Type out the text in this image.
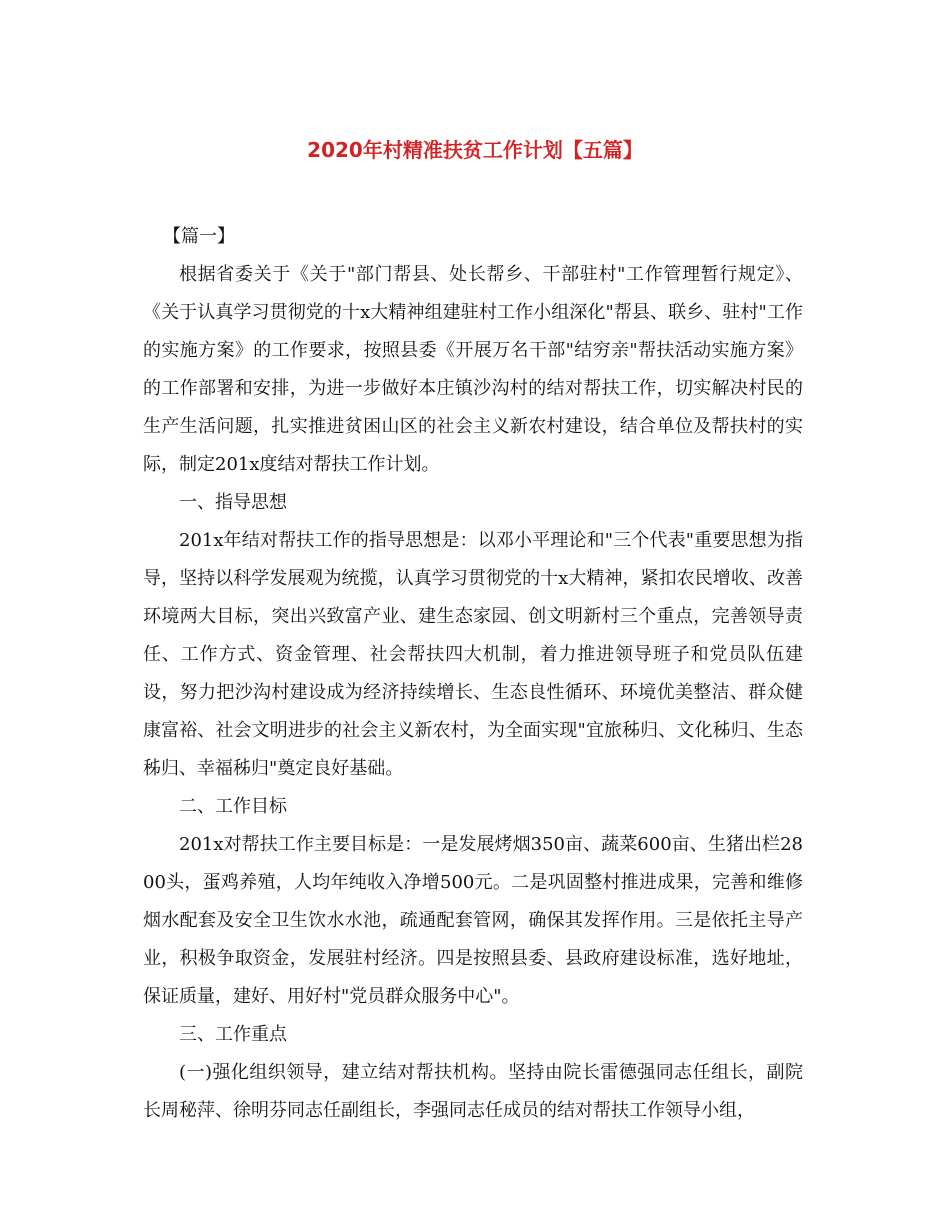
2020年村精准扶贫工作计划【五篇】

【篇一】

根据省委关于《关于"部门帮县、处长帮乡、干部驻村"工作管理暂行规定》、《关于认真学习贯彻党的十x大精神组建驻村工作小组深化"帮县、联乡、驻村"工作的实施方案》的工作要求，按照县委《开展万名干部"结穷亲"帮扶活动实施方案》的工作部署和安排，为进一步做好本庄镇沙沟村的结对帮扶工作，切实解决村民的生产生活问题，扎实推进贫困山区的社会主义新农村建设，结合单位及帮扶村的实际，制定201x度结对帮扶工作计划。

一、指导思想

201x年结对帮扶工作的指导思想是：以邓小平理论和"三个代表"重要思想为指导，坚持以科学发展观为统揽，认真学习贯彻党的十x大精神，紧扣农民增收、改善环境两大目标，突出兴致富产业、建生态家园、创文明新村三个重点，完善领导责任、工作方式、资金管理、社会帮扶四大机制，着力推进领导班子和党员队伍建设，努力把沙沟村建设成为经济持续增长、生态良性循环、环境优美整洁、群众健康富裕、社会文明进步的社会主义新农村，为全面实现"宜旅秭归、文化秭归、生态秭归、幸福秭归"奠定良好基础。

二、工作目标

201x对帮扶工作主要目标是：一是发展烤烟350亩、蔬菜600亩、生猪出栏2800头，蛋鸡养殖，人均年纯收入净增500元。二是巩固整村推进成果，完善和维修烟水配套及安全卫生饮水水池，疏通配套管网，确保其发挥作用。三是依托主导产业，积极争取资金，发展驻村经济。四是按照县委、县政府建设标准，选好地址，保证质量，建好、用好村"党员群众服务中心"。

三、工作重点

(一)强化组织领导，建立结对帮扶机构。坚持由院长雷德强同志任组长，副院长周秘萍、徐明芬同志任副组长，李强同志任成员的结对帮扶工作领导小组，
